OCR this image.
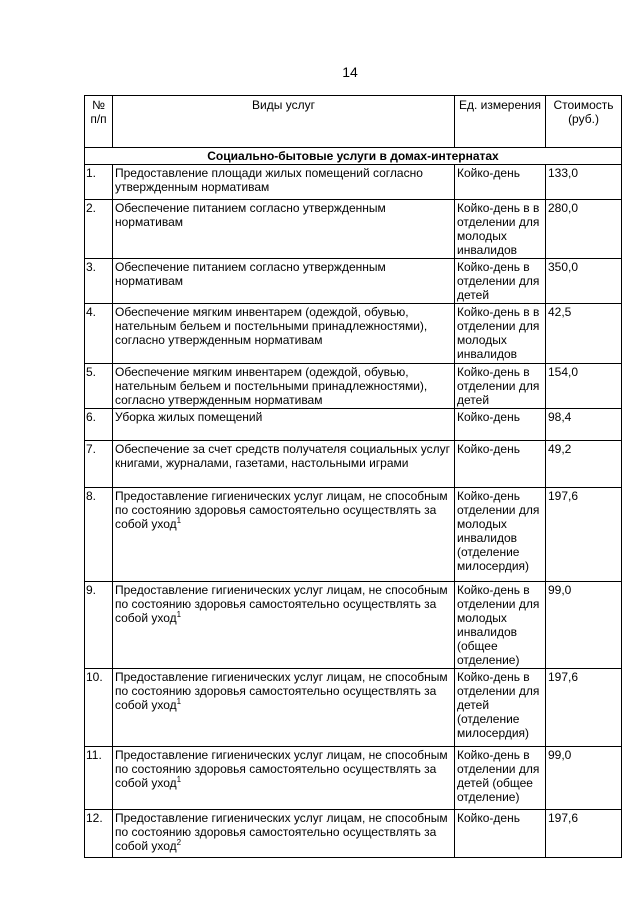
14
№ п/п	Виды услуг	Ед. измерения	Стоимость (руб.)
Социально-бытовые услуги в домах-интернатах			
1.	Предоставление площади жилых помещений согласно утвержденным нормативам	Койко-день	133,0
2.	Обеспечение питанием согласно утвержденным нормативам	Койко-день в в отделении для молодых инвалидов	280,0
3.	Обеспечение питанием согласно утвержденным нормативам	Койко-день в отделении для детей	350,0
4.	Обеспечение мягким инвентарем (одеждой, обувью, нательным бельем и постельными принадлежностями), согласно утвержденным нормативам	Койко-день в в отделении для молодых инвалидов	42,5
5.	Обеспечение мягким инвентарем (одеждой, обувью, нательным бельем и постельными принадлежностями), согласно утвержденным нормативам	Койко-день в отделении для детей	154,0
6.	Уборка жилых помещений	Койко-день	98,4
7.	Обеспечение за счет средств получателя социальных услуг книгами, журналами, газетами, настольными играми	Койко-день	49,2
8.	Предоставление гигиенических услуг лицам, не способным по состоянию здоровья самостоятельно осуществлять за собой уход$^1$	Койко-день отделении для молодых инвалидов (отделение милосердия)	197,6
9.	Предоставление гигиенических услуг лицам, не способным по состоянию здоровья самостоятельно осуществлять за собой уход$^1$	Койко-день в отделении для молодых инвалидов (общее отделение)	99,0
10.	Предоставление гигиенических услуг лицам, не способным по состоянию здоровья самостоятельно осуществлять за собой уход$^1$	Койко-день в отделении для детей (отделение милосердия)	197,6
11.	Предоставление гигиенических услуг лицам, не способным по состоянию здоровья самостоятельно осуществлять за собой уход$^1$	Койко-день в отделении для детей (общее отделение)	99,0
12.	Предоставление гигиенических услуг лицам, не способным по состоянию здоровья самостоятельно осуществлять за собой уход$^2$	Койко-день	197,6
